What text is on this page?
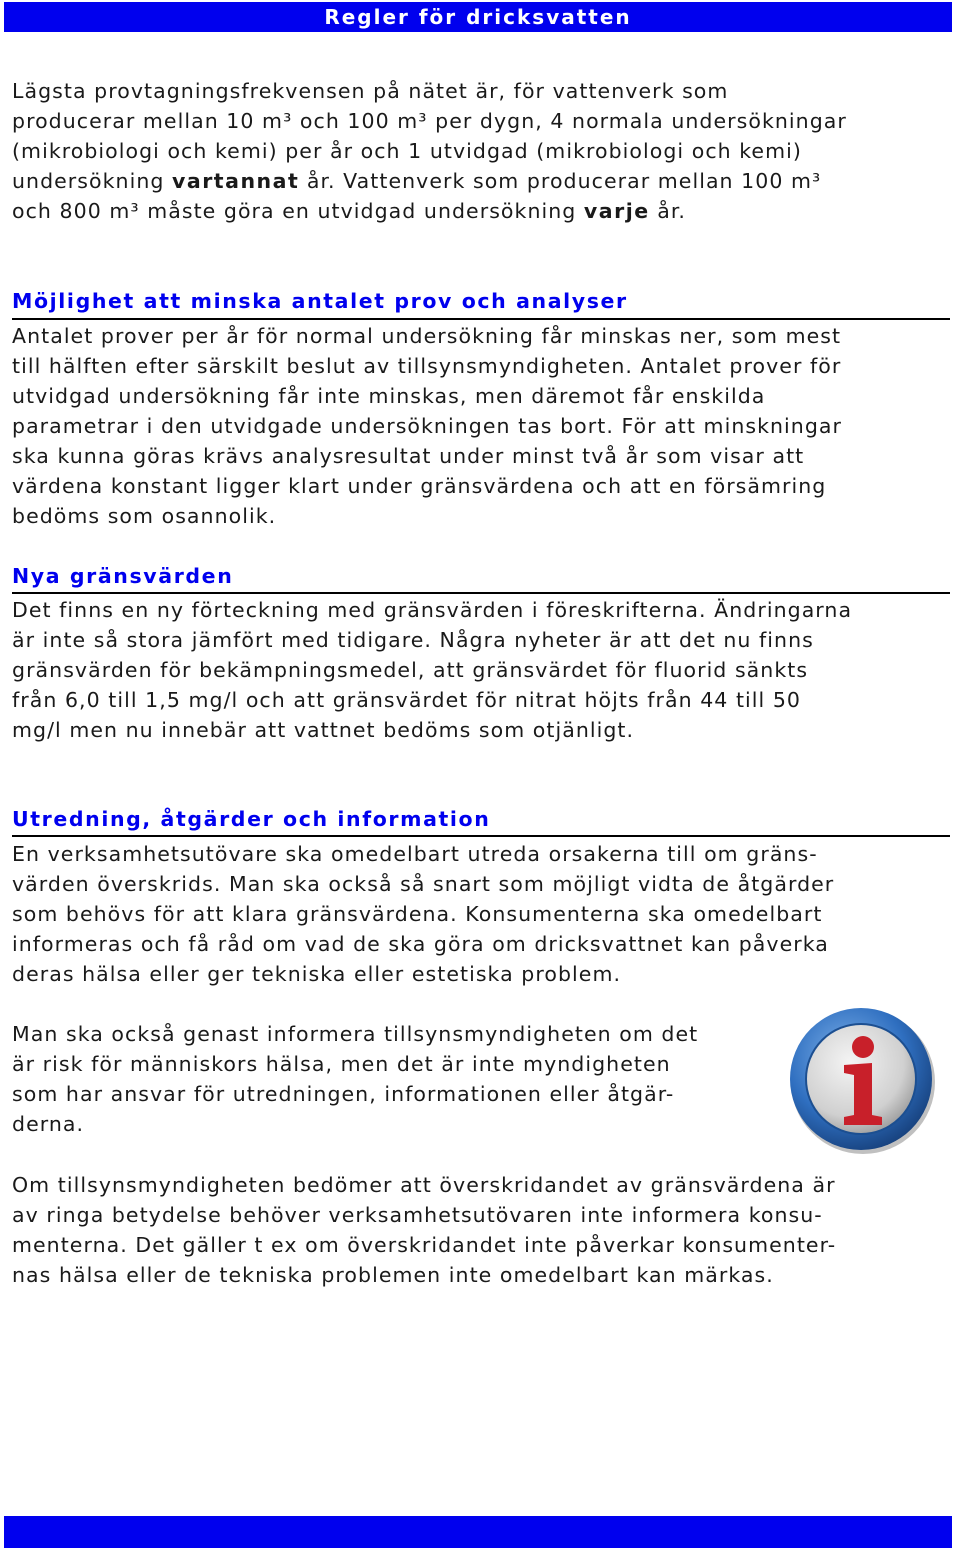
Regler för dricksvatten
Lägsta provtagningsfrekvensen på nätet är, för vattenverk som
producerar mellan 10 m³ och 100 m³ per dygn, 4 normala undersökningar
(mikrobiologi och kemi) per år och 1 utvidgad (mikrobiologi och kemi)
undersökning vartannat år. Vattenverk som producerar mellan 100 m³
och 800 m³ måste göra en utvidgad undersökning varje år.
Möjlighet att minska antalet prov och analyser
Antalet prover per år för normal undersökning får minskas ner, som mest
till hälften efter särskilt beslut av tillsynsmyndigheten. Antalet prover för
utvidgad undersökning får inte minskas, men däremot får enskilda
parametrar i den utvidgade undersökningen tas bort. För att minskningar
ska kunna göras krävs analysresultat under minst två år som visar att
värdena konstant ligger klart under gränsvärdena och att en försämring
bedöms som osannolik.
Nya gränsvärden
Det finns en ny förteckning med gränsvärden i föreskrifterna. Ändringarna
är inte så stora jämfört med tidigare. Några nyheter är att det nu finns
gränsvärden för bekämpningsmedel, att gränsvärdet för fluorid sänkts
från 6,0 till 1,5 mg/l och att gränsvärdet för nitrat höjts från 44 till 50
mg/l men nu innebär att vattnet bedöms som otjänligt.
Utredning, åtgärder och information
En verksamhetsutövare ska omedelbart utreda orsakerna till om gräns-
värden överskrids. Man ska också så snart som möjligt vidta de åtgärder
som behövs för att klara gränsvärdena. Konsumenterna ska omedelbart
informeras och få råd om vad de ska göra om dricksvattnet kan påverka
deras hälsa eller ger tekniska eller estetiska problem.
Man ska också genast informera tillsynsmyndigheten om det
är risk för människors hälsa, men det är inte myndigheten
som har ansvar för utredningen, informationen eller åtgär-
derna.
Om tillsynsmyndigheten bedömer att överskridandet av gränsvärdena är
av ringa betydelse behöver verksamhetsutövaren inte informera konsu-
menterna. Det gäller t ex om överskridandet inte påverkar konsumenter-
nas hälsa eller de tekniska problemen inte omedelbart kan märkas.
